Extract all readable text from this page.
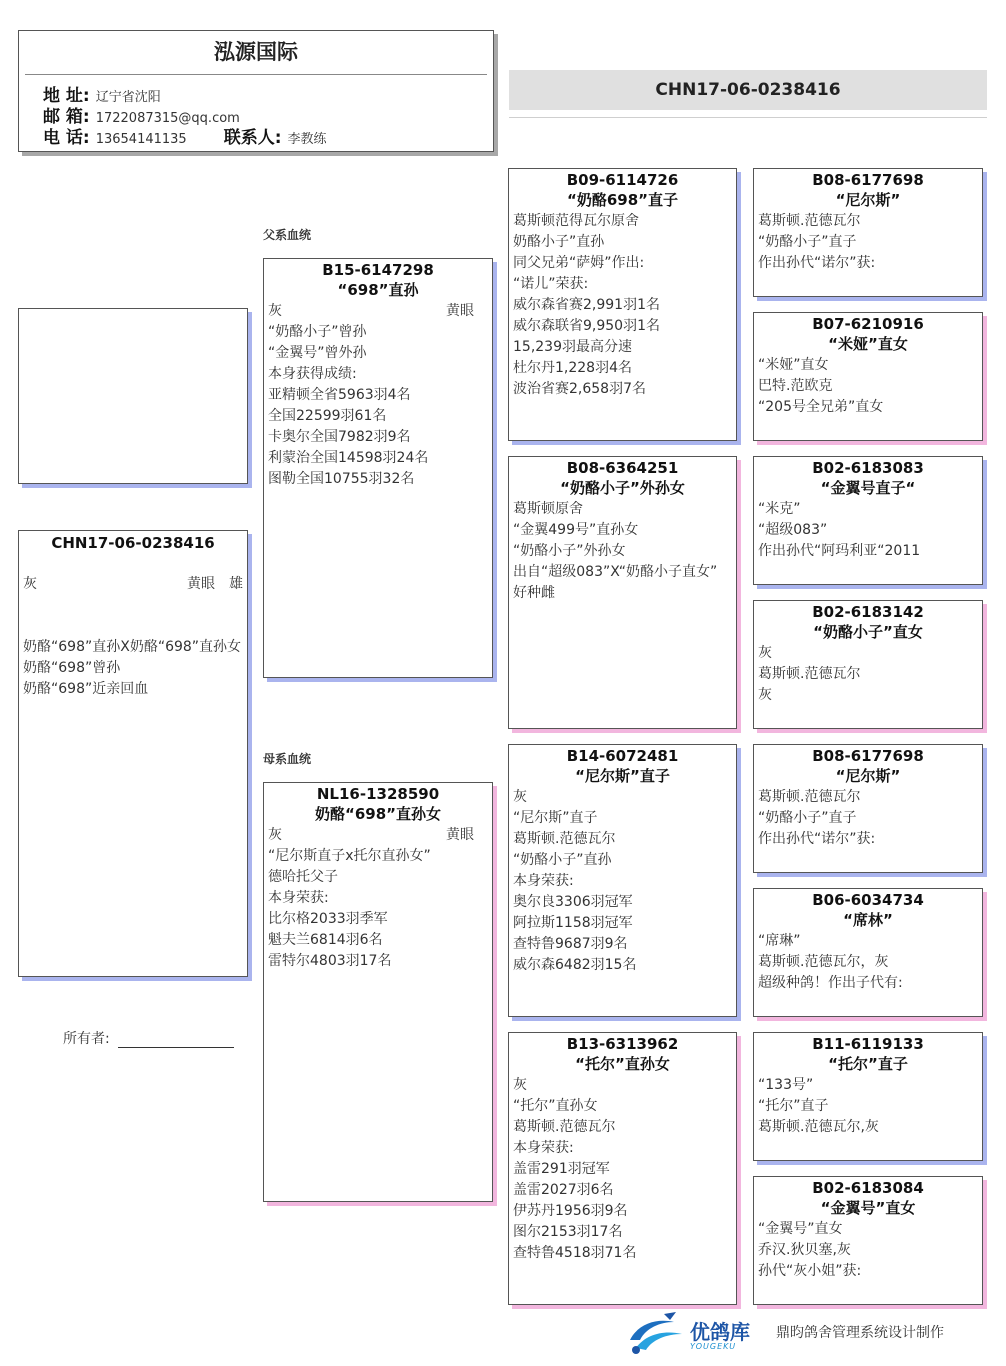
泓源国际
地 址: 辽宁省沈阳
邮 箱: 1722087315@qq.com
电 话: 13654141135 联系人: 李教练
CHN17-06-0238416
CHN17-06-0238416
灰	黄眼 雄
奶酪“698”直孙X奶酪“698”直孙女
奶酪“698”曾孙
奶酪“698”近亲回血
所有者:
父系血统
母系血统
B15-6147298
“698”直孙
灰	黄眼
“奶酪小子”曾孙
“金翼号”曾外孙
本身获得成绩:
亚精顿全省5963羽4名
全国22599羽61名
卡奥尔全国7982羽9名
利蒙治全国14598羽24名
图勒全国10755羽32名
NL16-1328590
奶酪“698”直孙女
灰	黄眼
“尼尔斯直子x托尔直孙女”
德哈托父子
本身荣获:
比尔格2033羽季军
魁夫兰6814羽6名
雷特尔4803羽17名
B09-6114726
“奶酪698”直子
葛斯顿范得瓦尔原舍
奶酪小子”直孙
同父兄弟“萨姆”作出:
“诺儿”荣获:
威尔森省赛2,991羽1名
威尔森联省9,950羽1名
15,239羽最高分速
杜尔丹1,228羽4名
波治省赛2,658羽7名
B08-6364251
“奶酪小子”外孙女
葛斯顿原舍
“金翼499号”直孙女
“奶酪小子”外孙女
出自“超级083”X“奶酪小子直女”
好种雌
B14-6072481
“尼尔斯”直子
灰
“尼尔斯”直子
葛斯顿.范德瓦尔
“奶酪小子”直孙
本身荣获:
奥尔良3306羽冠军
阿拉斯1158羽冠军
查特鲁9687羽9名
威尔森6482羽15名
B13-6313962
“托尔”直孙女
灰
“托尔”直孙女
葛斯顿.范德瓦尔
本身荣获:
盖雷291羽冠军
盖雷2027羽6名
伊苏丹1956羽9名
图尔2153羽17名
查特鲁4518羽71名
B08-6177698
“尼尔斯”
葛斯顿.范德瓦尔
“奶酪小子”直子
作出孙代“诺尔”获:
B07-6210916
“米娅”直女
“米娅”直女
巴特.范欧克
“205号全兄弟”直女
B02-6183083
“金翼号直子“
“米克”
“超级083”
作出孙代“阿玛利亚“2011
B02-6183142
“奶酪小子”直女
灰
葛斯顿.范德瓦尔
灰
B08-6177698
“尼尔斯”
葛斯顿.范德瓦尔
“奶酪小子”直子
作出孙代“诺尔”获:
B06-6034734
“席林”
“席琳”
葛斯顿.范德瓦尔，灰
超级种鸽！作出子代有:
B11-6119133
“托尔”直子
“133号”
“托尔”直子
葛斯顿.范德瓦尔,灰
B02-6183084
“金翼号”直女
“金翼号”直女
乔汉.狄贝塞,灰
孙代“灰小姐”获:
优鸽库
YOUGEKU
鼎昀鸽舍管理系统设计制作
